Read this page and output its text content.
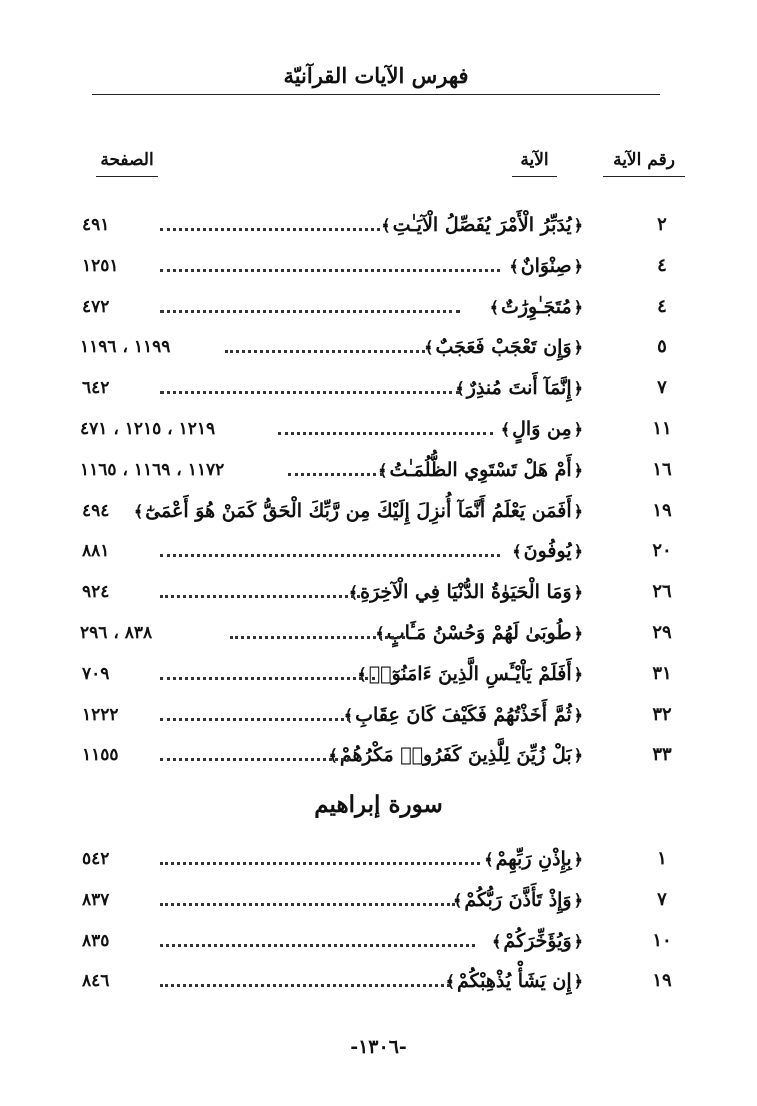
فهرس الآيات القرآنيّة
رقم الآية
الآية
الصفحة
٢
﴿يُدَبِّرُ الْأَمْرَ يُفَصِّلُ الْآيَـٰتِ﴾
٤٩١
٤
﴿صِنْوَانٌ﴾
١٢٥١
٤
﴿مُتَجَـٰوِرَٰتٌ﴾
٤٧٢
٥
﴿وَإِن تَعْجَبْ فَعَجَبٌ﴾
١١٩٩ ، ١١٩٦
٧
﴿إِنَّمَآ أَنتَ مُنذِرٌ﴾
٦٤٢
١١
﴿مِن وَالٍ﴾
١٢١٩ ، ١٢١٥ ، ٤٧١
١٦
﴿أَمْ هَلْ تَسْتَوِي الظُّلُمَـٰتُ﴾
١١٧٢ ، ١١٦٩ ، ١١٦٥
١٩
﴿أَفَمَن يَعْلَمُ أَنَّمَآ أُنزِلَ إِلَيْكَ مِن رَّبِّكَ الْحَقُّ كَمَنْ هُوَ أَعْمَىٰٓ﴾
٤٩٤
٢٠
﴿يُوفُونَ﴾
٨٨١
٢٦
﴿وَمَا الْحَيَوٰةُ الدُّنْيَا فِي الْآخِرَةِ﴾
٩٢٤
٢٩
﴿طُوبَىٰ لَهُمْ وَحُسْنُ مَـَٔابٍ﴾
٨٣٨ ، ٢٩٦
٣١
﴿أَفَلَمْ يَاْيْـَٔسِ الَّذِينَ ءَامَنُوٓا۟﴾
٧٠٩
٣٢
﴿ثُمَّ أَخَذْتُهُمْ فَكَيْفَ كَانَ عِقَابِ﴾
١٢٢٢
٣٣
﴿بَلْ زُيِّنَ لِلَّذِينَ كَفَرُوا۟ مَكْرُهُمْ﴾
١١٥٥
سورة إبراهيم
١
﴿بِإِذْنِ رَبِّهِمْ﴾
٥٤٢
٧
﴿وَإِذْ تَأَذَّنَ رَبُّكُمْ﴾
٨٣٧
١٠
﴿وَيُؤَخِّرَكُمْ﴾
٨٣٥
١٩
﴿إِن يَشَأْ يُذْهِبْكُمْ﴾
٨٤٦
-١٣٠٦-
